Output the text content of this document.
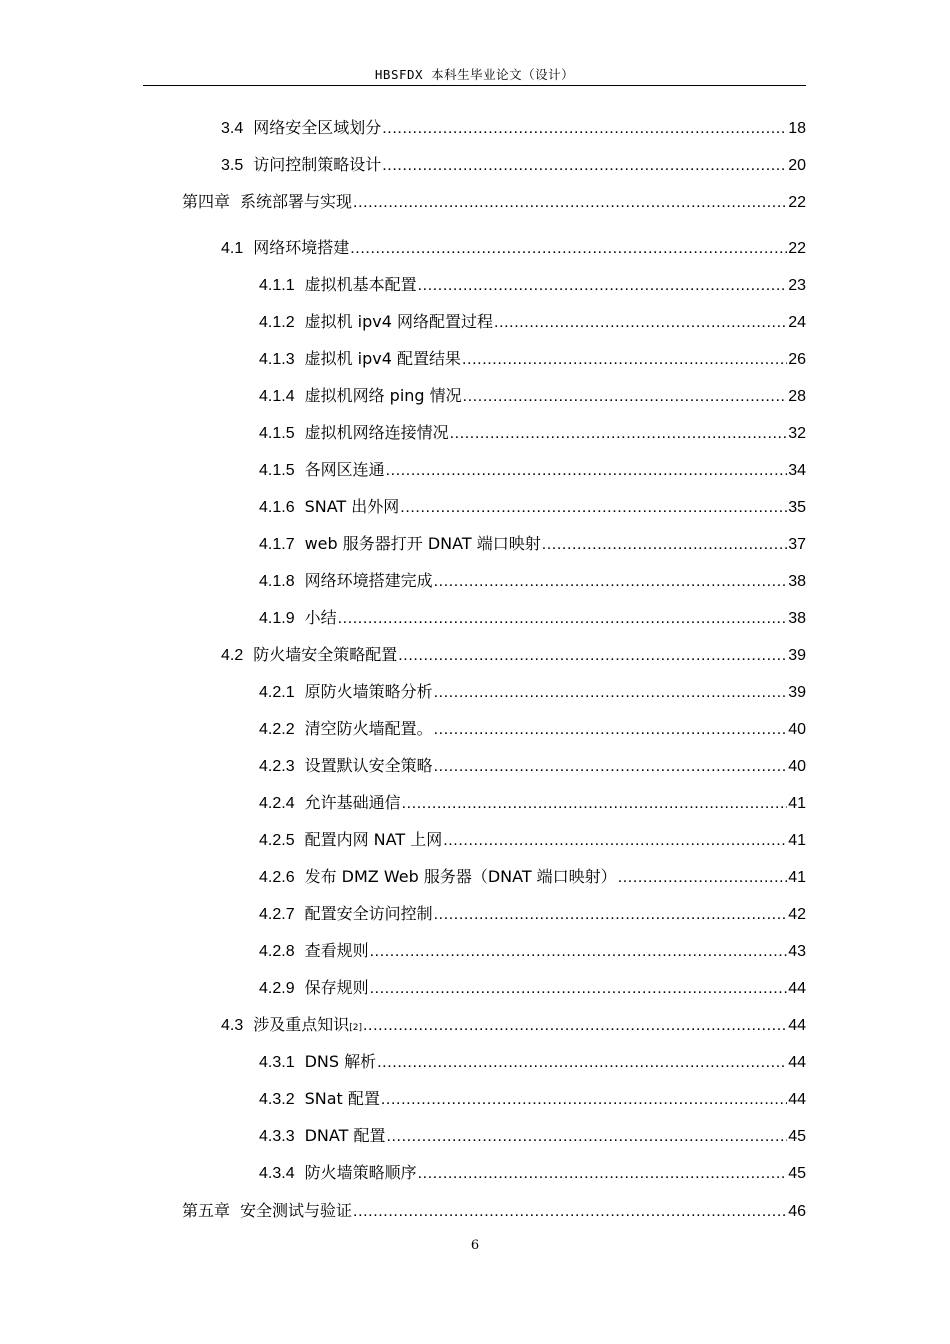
HBSFDX 本科生毕业论文（设计）
3.4 网络安全区域划分 .....	18
3.5 访问控制策略设计 .....	20
第四章 系统部署与实现 .....	22
4.1 网络环境搭建 .....	22
4.1.1 虚拟机基本配置 .....	23
4.1.2 虚拟机 ipv4 网络配置过程 .....	24
4.1.3 虚拟机 ipv4 配置结果 .....	26
4.1.4 虚拟机网络 ping 情况 .....	28
4.1.5 虚拟机网络连接情况 .....	32
4.1.5 各网区连通 .....	34
4.1.6 SNAT 出外网 .....	35
4.1.7 web 服务器打开 DNAT 端口映射 .....	37
4.1.8 网络环境搭建完成 .....	38
4.1.9 小结 .....	38
4.2 防火墙安全策略配置 .....	39
4.2.1 原防火墙策略分析 .....	39
4.2.2 清空防火墙配置。 .....	40
4.2.3 设置默认安全策略 .....	40
4.2.4 允许基础通信 .....	41
4.2.5 配置内网 NAT 上网 .....	41
4.2.6 发布 DMZ Web 服务器（DNAT 端口映射） .....	41
4.2.7 配置安全访问控制 .....	42
4.2.8 查看规则 .....	43
4.2.9 保存规则 .....	44
4.3 涉及重点知识 [2] .....	44
4.3.1 DNS 解析 .....	44
4.3.2 SNat 配置 .....	44
4.3.3 DNAT 配置 .....	45
4.3.4 防火墙策略顺序 .....	45
第五章 安全测试与验证 .....	46
6
